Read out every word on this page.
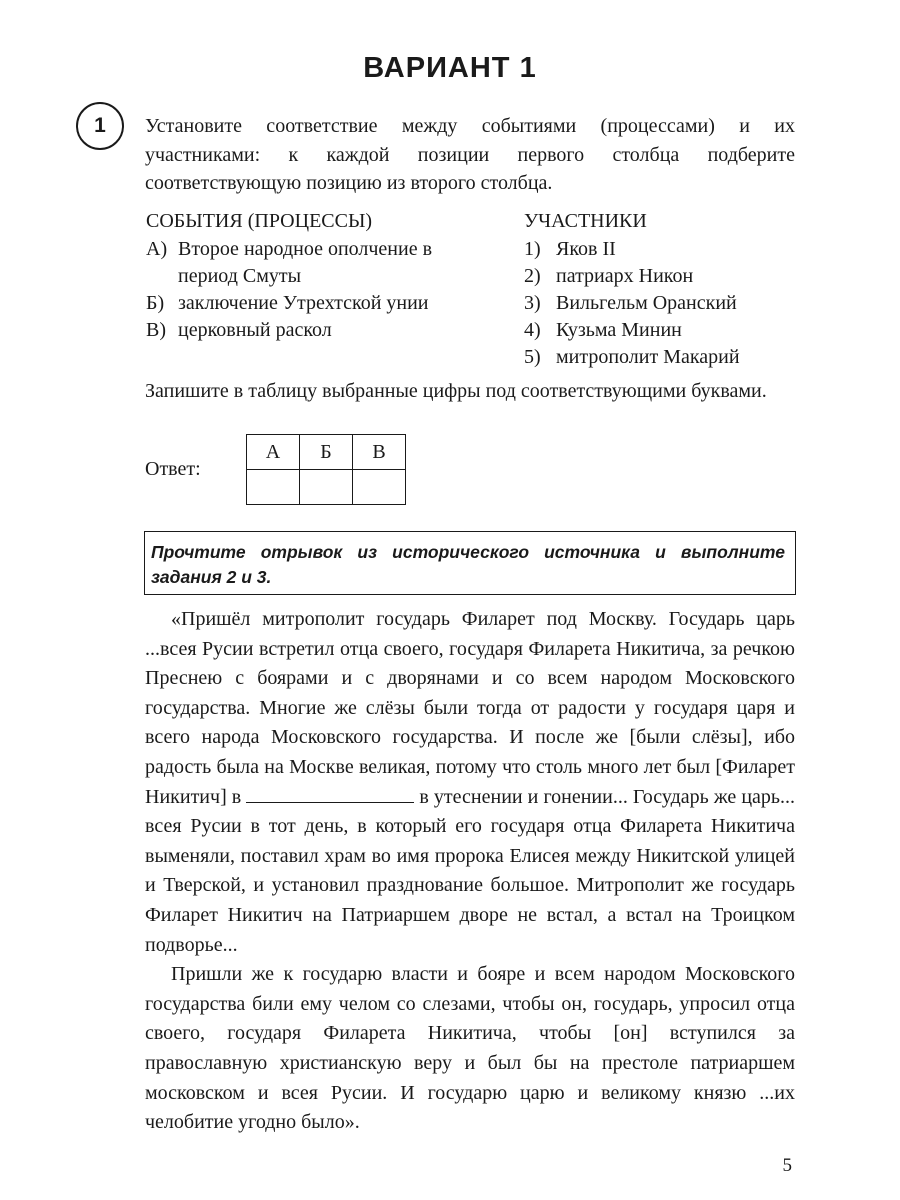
ВАРИАНТ 1
1	Установите соответствие между событиями (процессами) и их участниками: к каждой позиции первого столбца подберите соответствующую позицию из второго столбца.
СОБЫТИЯ (ПРОЦЕССЫ)	УЧАСТНИКИ
А) Второе народное ополчение в период Смуты
Б) заключение Утрехтской унии
В) церковный раскол
1) Яков II
2) патриарх Никон
3) Вильгельм Оранский
4) Кузьма Минин
5) митрополит Макарий
Запишите в таблицу выбранные цифры под соответствующими буквами.
Ответ:
А	Б	В

Прочтите отрывок из исторического источника и выполните задания 2 и 3.

«Пришёл митрополит государь Филарет под Москву. Государь царь ...всея Русии встретил отца своего, государя Филарета Никитича, за речкою Преснею с боярами и с дворянами и со всем народом Московского государства. Многие же слёзы были тогда от радости у государя царя и всего народа Московского государства. И после же [были слёзы], ибо радость была на Москве великая, потому что столь много лет был [Филарет Никитич] в	в утеснении и гонении... Государь же царь... всея Русии в тот день, в который его государя отца Филарета Никитича выменяли, поставил храм во имя пророка Елисея между Никитской улицей и Тверской, и установил празднование большое. Митрополит же государь Филарет Никитич на Патриаршем дворе не встал, а встал на Троицком подворье...

Пришли же к государю власти и бояре и всем народом Московского государства били ему челом со слезами, чтобы он, государь, упросил отца своего, государя Филарета Никитича, чтобы [он] вступился за православную христианскую веру и был бы на престоле патриаршем московском и всея Русии. И государю царю и великому князю ...их челобитие угодно было».

5
